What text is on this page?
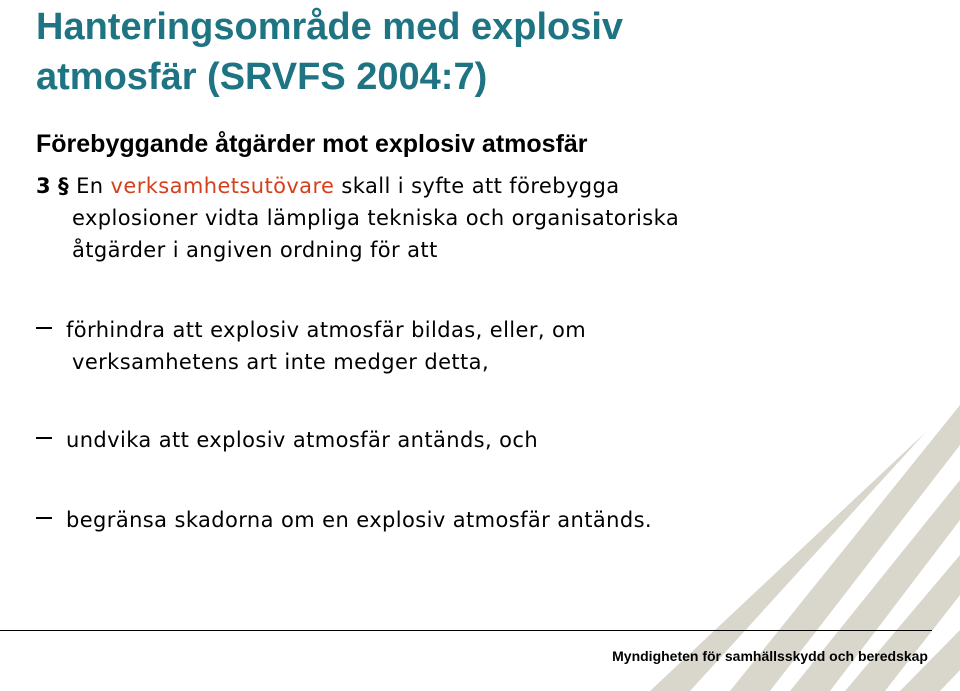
Hanteringsområde med explosiv
atmosfär (SRVFS 2004:7)
Förebyggande åtgärder mot explosiv atmosfär

3 § En verksamhetsutövare skall i syfte att förebygga
explosioner vidta lämpliga tekniska och organisatoriska
åtgärder i angiven ordning för att

förhindra att explosiv atmosfär bildas, eller, om
verksamhetens art inte medger detta,

undvika att explosiv atmosfär antänds, och

begränsa skadorna om en explosiv atmosfär antänds.

Myndigheten för samhällsskydd och beredskap
